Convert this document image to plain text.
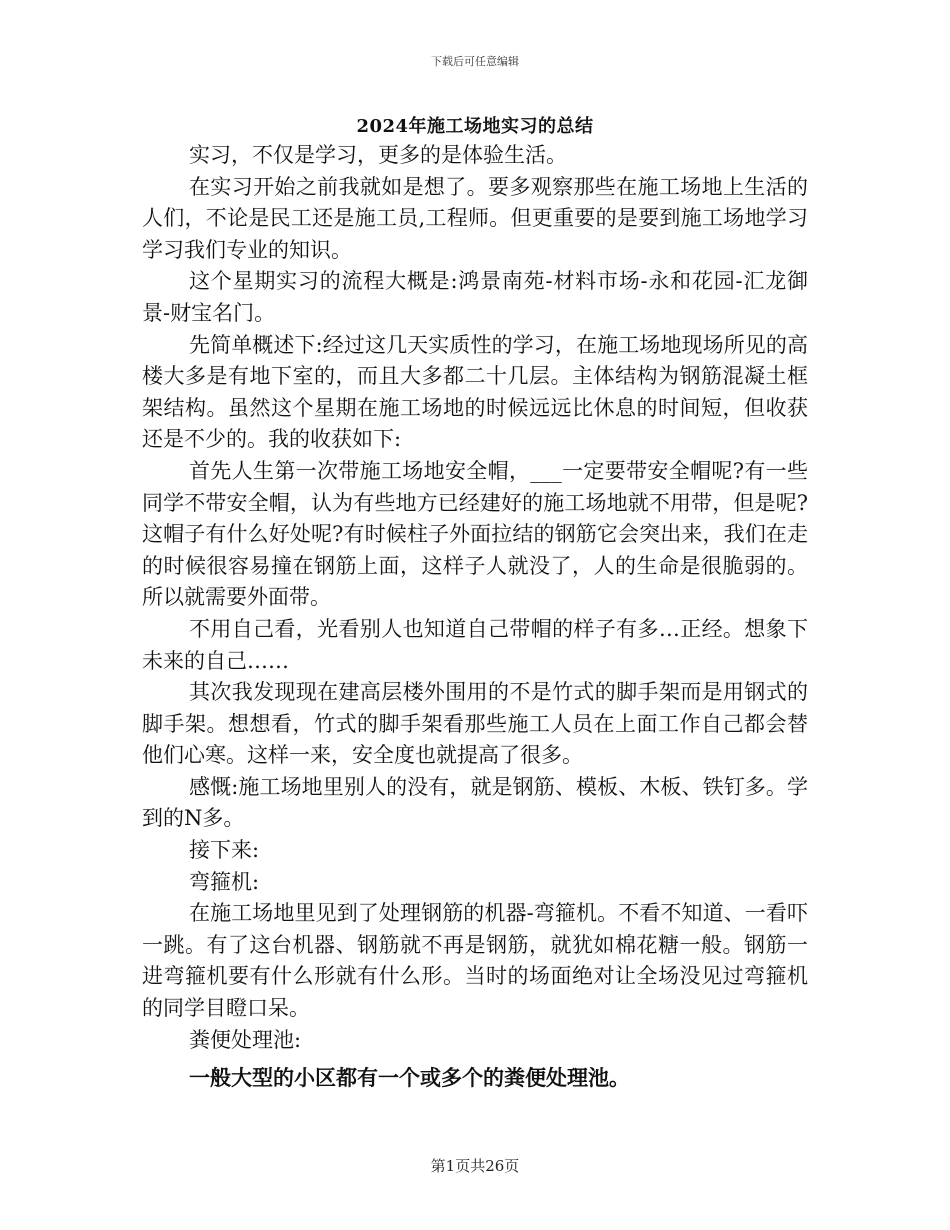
下载后可任意编辑
2024年施工场地实习的总结

实习，不仅是学习，更多的是体验生活。

在实习开始之前我就如是想了。要多观察那些在施工场地上生活的人们，不论是民工还是施工员,工程师。但更重要的是要到施工场地学习学习我们专业的知识。

这个星期实习的流程大概是:鸿景南苑-材料市场-永和花园-汇龙御景-财宝名门。

先简单概述下:经过这几天实质性的学习，在施工场地现场所见的高楼大多是有地下室的，而且大多都二十几层。主体结构为钢筋混凝土框架结构。虽然这个星期在施工场地的时候远远比休息的时间短，但收获还是不少的。我的收获如下:

首先人生第一次带施工场地安全帽，___一定要带安全帽呢?有一些同学不带安全帽，认为有些地方已经建好的施工场地就不用带，但是呢?这帽子有什么好处呢?有时候柱子外面拉结的钢筋它会突出来，我们在走的时候很容易撞在钢筋上面，这样子人就没了，人的生命是很脆弱的。所以就需要外面带。

不用自己看，光看别人也知道自己带帽的样子有多…正经。想象下未来的自己……

其次我发现现在建高层楼外围用的不是竹式的脚手架而是用钢式的脚手架。想想看，竹式的脚手架看那些施工人员在上面工作自己都会替他们心寒。这样一来，安全度也就提高了很多。

感慨:施工场地里别人的没有，就是钢筋、模板、木板、铁钉多。学到的N多。

接下来:

弯箍机:

在施工场地里见到了处理钢筋的机器-弯箍机。不看不知道、一看吓一跳。有了这台机器、钢筋就不再是钢筋，就犹如棉花糖一般。钢筋一进弯箍机要有什么形就有什么形。当时的场面绝对让全场没见过弯箍机的同学目瞪口呆。

粪便处理池:

一般大型的小区都有一个或多个的粪便处理池。

第1页共26页
